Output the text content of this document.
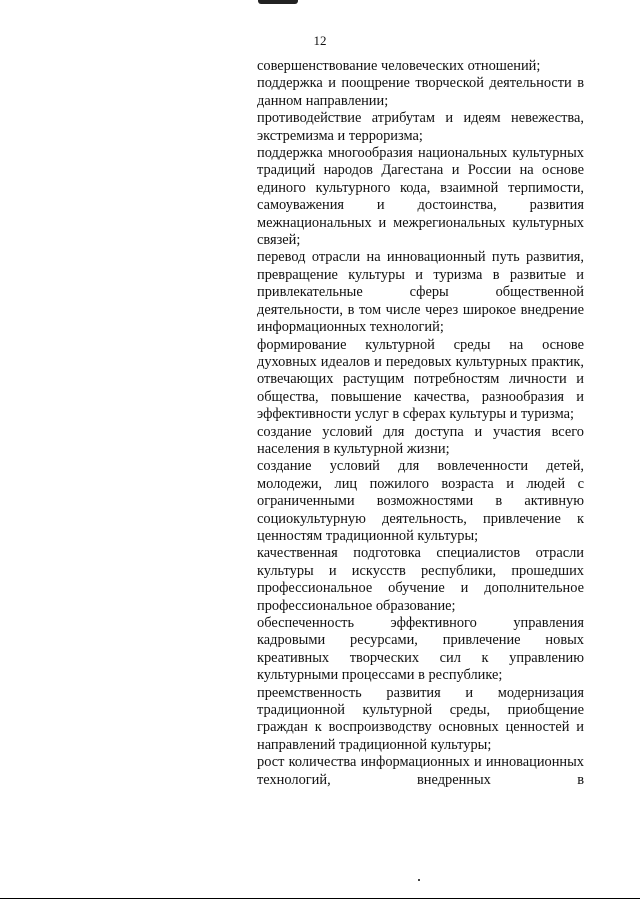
12

совершенствование человеческих отношений;

поддержка и поощрение творческой деятельности в данном направлении;

противодействие атрибутам и идеям невежества, экстремизма и терроризма;

поддержка многообразия национальных культурных традиций народов Дагестана и России на основе единого культурного кода, взаимной терпимости, самоуважения и достоинства, развития межнациональных и межрегиональных культурных связей;

перевод отрасли на инновационный путь развития, превращение культуры и туризма в развитые и привлекательные сферы общественной деятельности, в том числе через широкое внедрение информационных технологий;

формирование культурной среды на основе духовных идеалов и передовых культурных практик, отвечающих растущим потребностям личности и общества, повышение качества, разнообразия и эффективности услуг в сферах культуры и туризма;

создание условий для доступа и участия всего населения в культурной жизни;

создание условий для вовлеченности детей, молодежи, лиц пожилого возраста и людей с ограниченными возможностями в активную социокультурную деятельность, привлечение к ценностям традиционной культуры;

качественная подготовка специалистов отрасли культуры и искусств республики, прошедших профессиональное обучение и дополнительное профессиональное образование;

обеспеченность эффективного управления кадровыми ресурсами, привлечение новых креативных творческих сил к управлению культурными процессами в республике;

преемственность развития и модернизация традиционной культурной среды, приобщение граждан к воспроизводству основных ценностей и направлений традиционной культуры;

рост количества информационных и инновационных технологий, внедренных в
